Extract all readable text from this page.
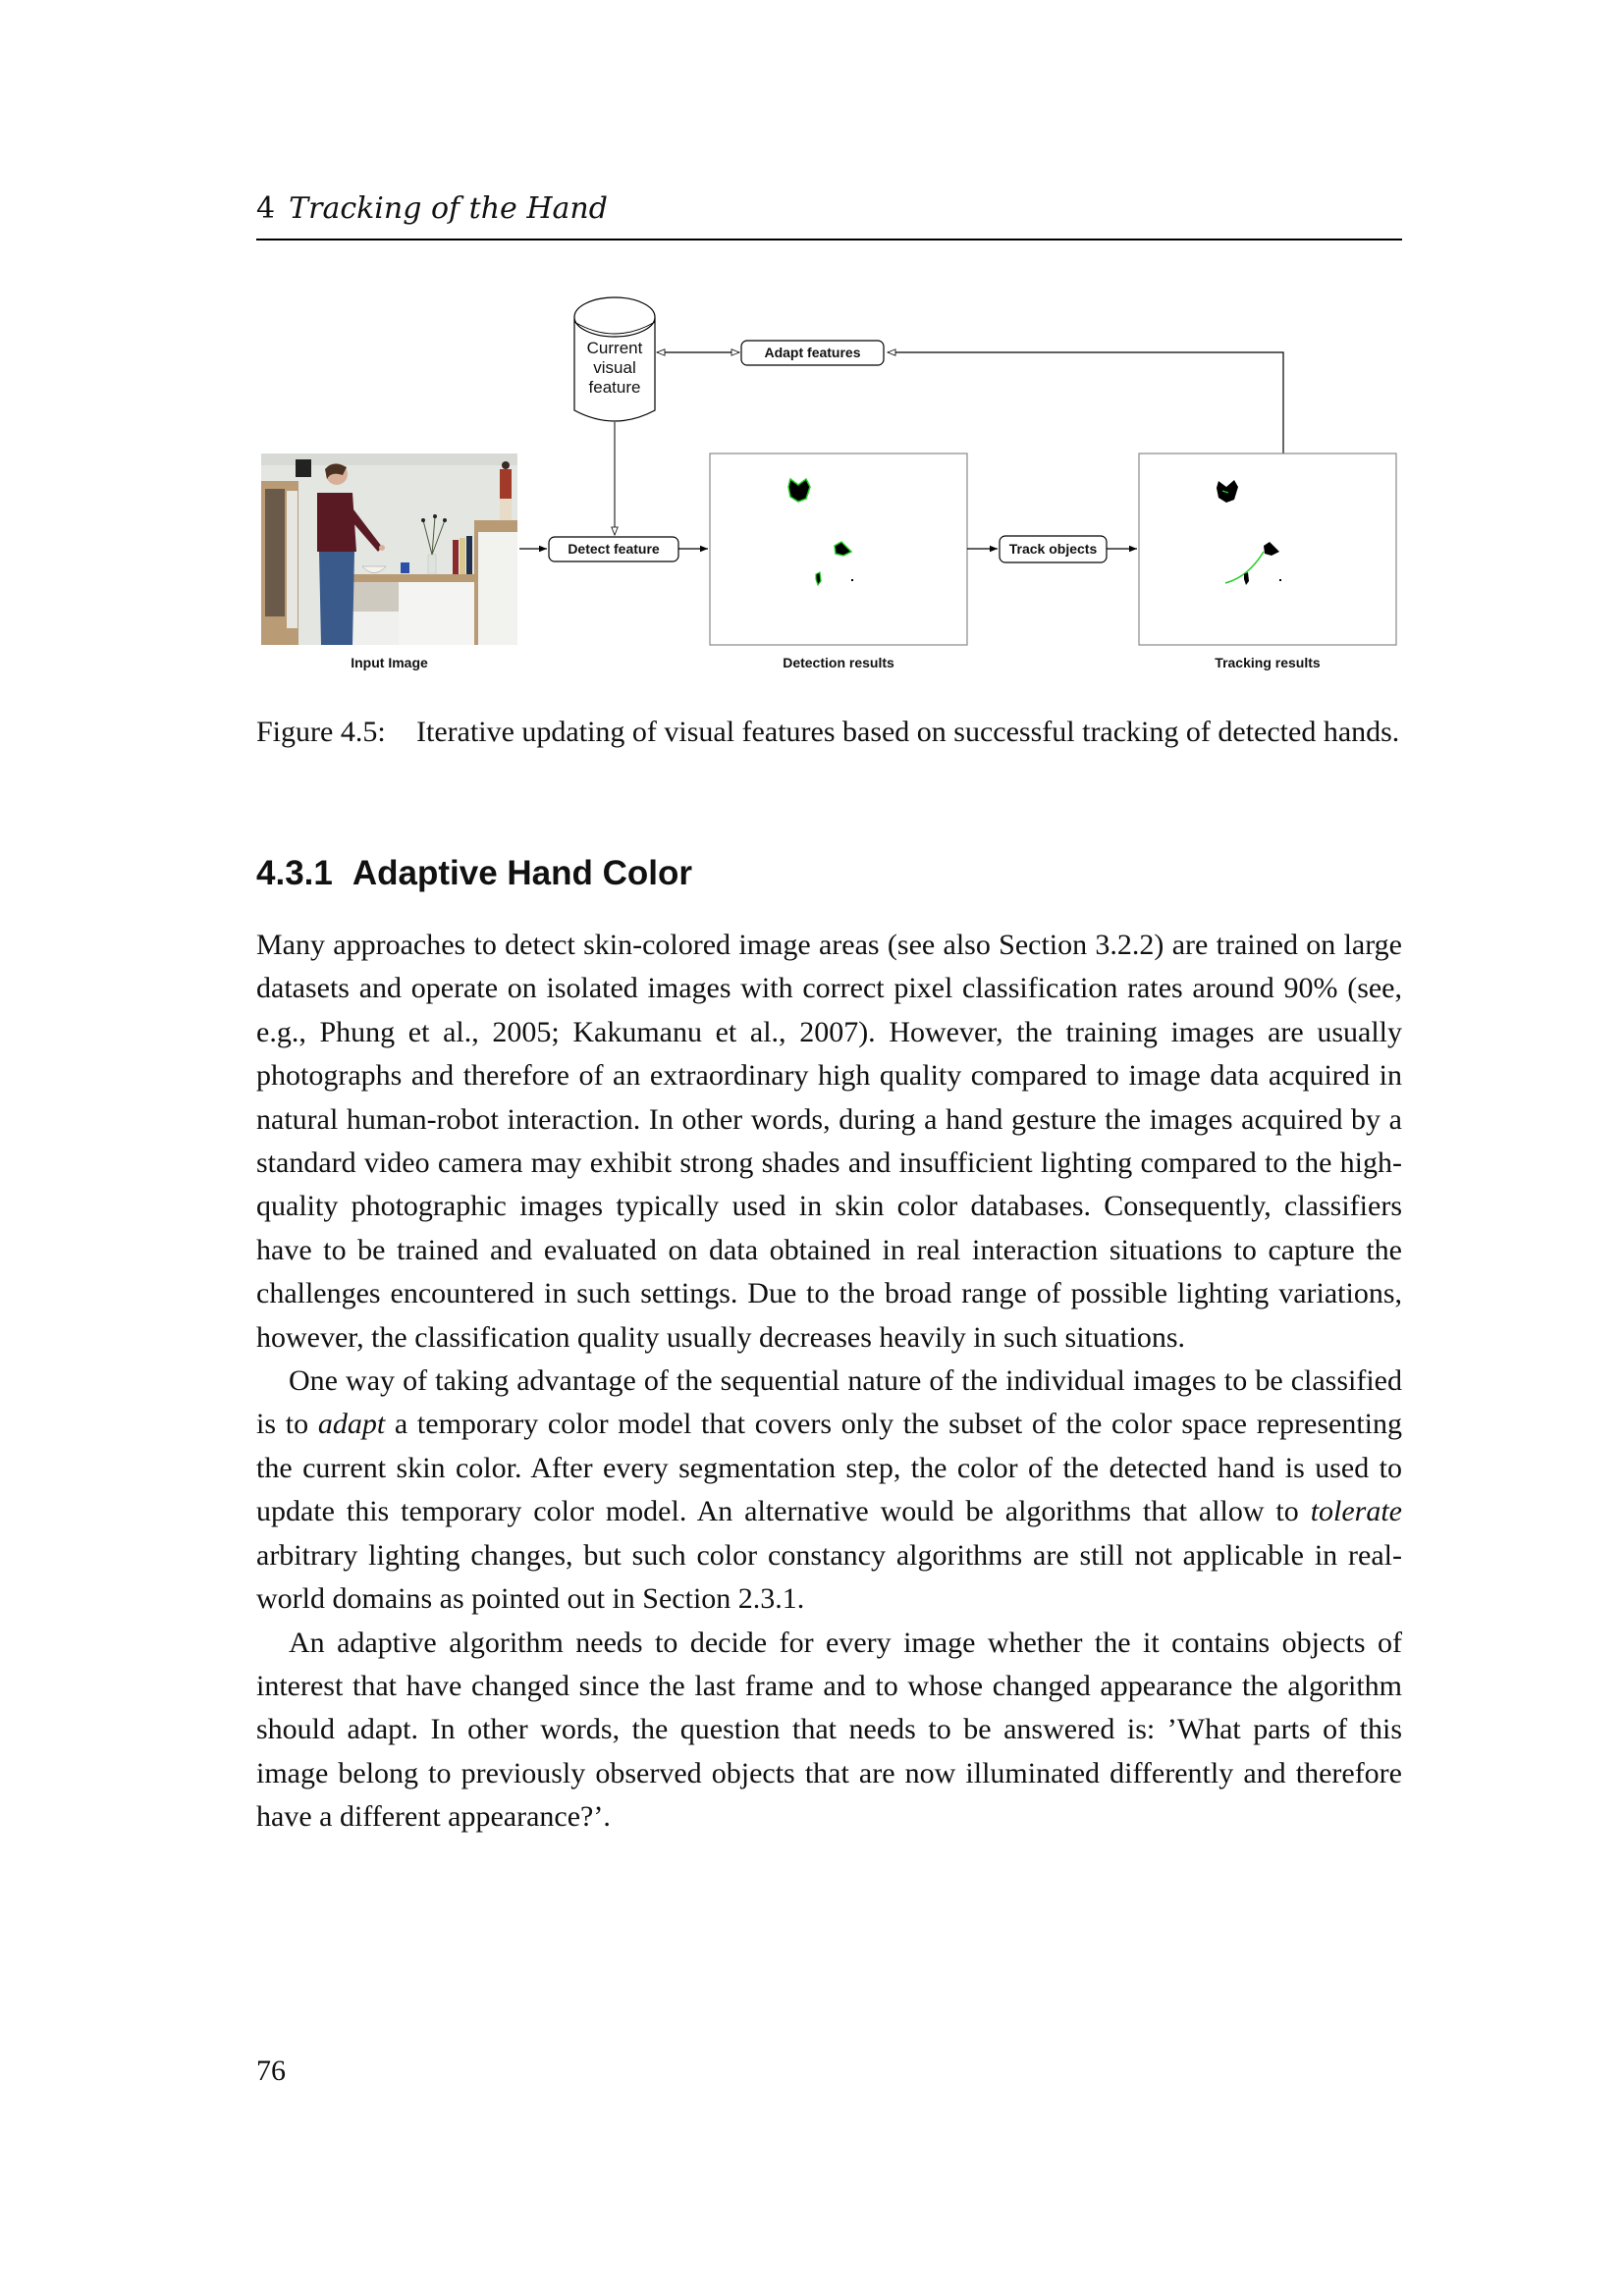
4 Tracking of the Hand
Current
visual
feature
Adapt features
Detect feature	Track objects
Input Image	Detection results	Tracking results
Figure 4.5: Iterative updating of visual features based on successful tracking of detected hands.
4.3.1 Adaptive Hand Color

Many approaches to detect skin-colored image areas (see also Section 3.2.2) are trained on large datasets and operate on isolated images with correct pixel classification rates around 90% (see, e.g., Phung et al., 2005; Kakumanu et al., 2007). However, the training images are usually photographs and therefore of an extraordinary high quality compared to image data acquired in natural human-robot interaction. In other words, during a hand gesture the images acquired by a standard video camera may exhibit strong shades and insufficient lighting compared to the high-quality photographic images typically used in skin color databases. Consequently, classifiers have to be trained and evaluated on data obtained in real interaction situations to capture the challenges encountered in such settings. Due to the broad range of possible lighting variations, however, the classification quality usually decreases heavily in such situations.

One way of taking advantage of the sequential nature of the individual images to be classified is to adapt a temporary color model that covers only the subset of the color space representing the current skin color. After every segmentation step, the color of the detected hand is used to update this temporary color model. An alternative would be algorithms that allow to tolerate arbitrary lighting changes, but such color constancy algorithms are still not applicable in real-world domains as pointed out in Section 2.3.1.

An adaptive algorithm needs to decide for every image whether the it contains objects of interest that have changed since the last frame and to whose changed appearance the algorithm should adapt. In other words, the question that needs to be answered is: ’What parts of this image belong to previously observed objects that are now illuminated differently and therefore have a different appearance?’.

76
